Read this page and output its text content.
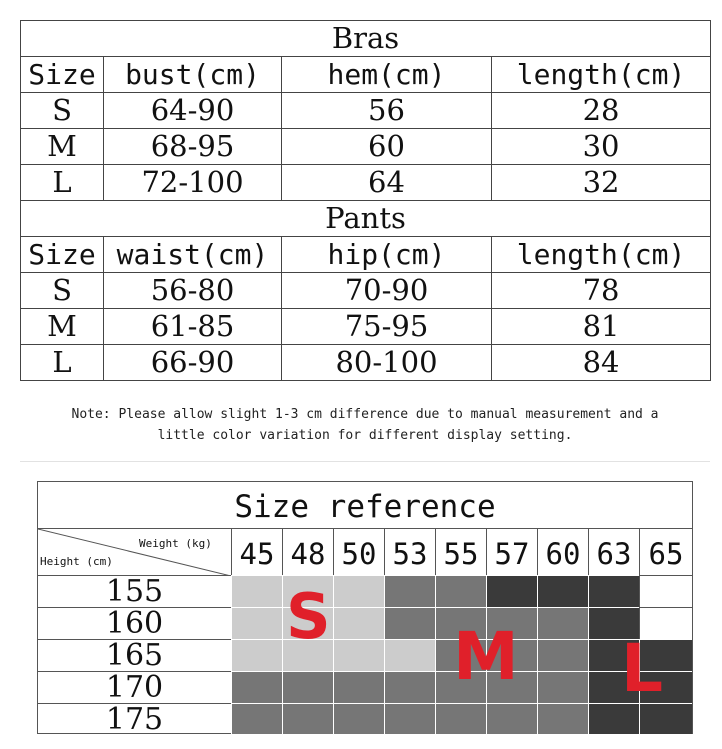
Bras			
Size	bust(cm)	hem(cm)	length(cm)
S	64-90	56	28
M	68-95	60	30
L	72-100	64	32
Pants			
Size	waist(cm)	hip(cm)	length(cm)
S	56-80	70-90	78
M	61-85	75-95	81
L	66-90	80-100	84
Note: Please allow slight 1-3 cm difference due to manual measurement and a
little color variation for different display setting.
Size reference
Weight (kg)
Height (cm)	45 48 50 53 55 57 60 63 65
155
160
165
170
175
S
M L
